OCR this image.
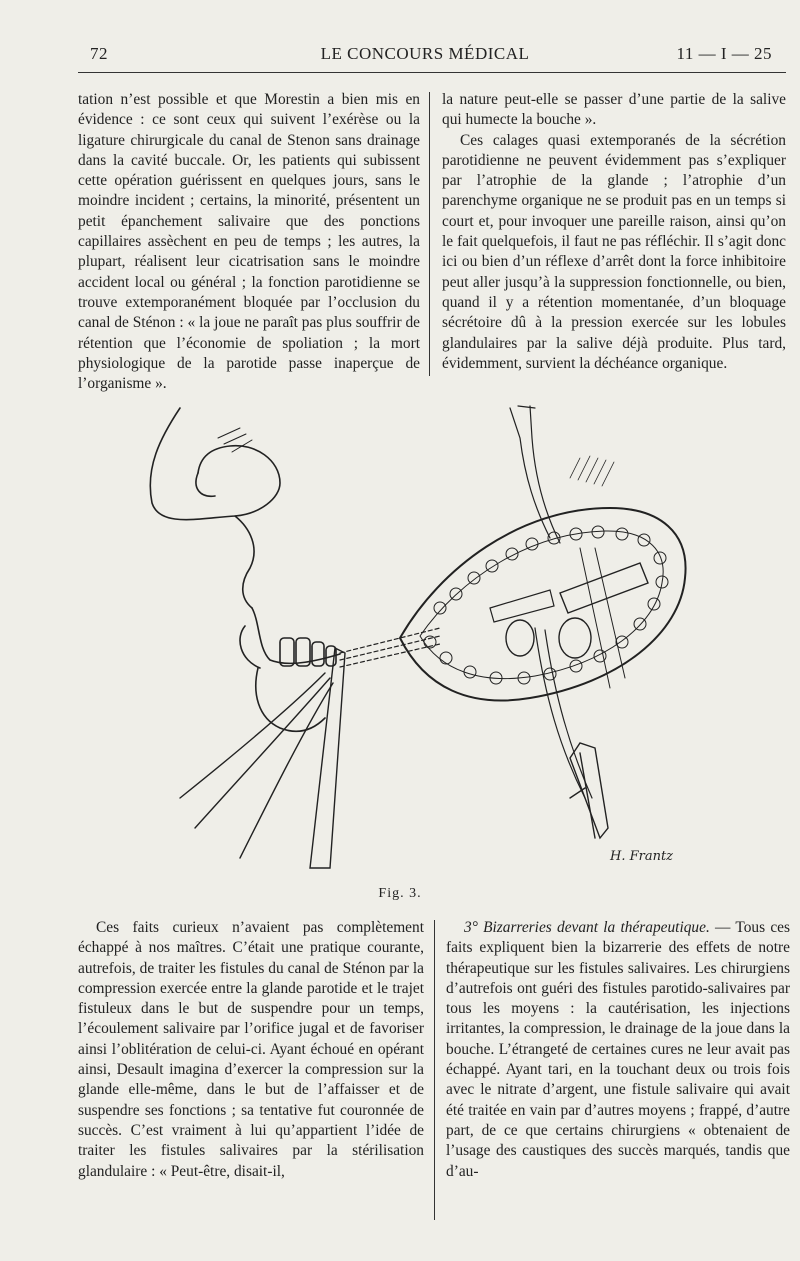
72	LE CONCOURS MÉDICAL	11 — I — 25

tation n’est possible et que Morestin a bien mis en évidence : ce sont ceux qui suivent l’exérèse ou la ligature chirurgicale du canal de Stenon sans drainage dans la cavité buccale. Or, les patients qui subissent cette opération guérissent en quelques jours, sans le moindre incident ; certains, la minorité, présentent un petit épanchement salivaire que des ponctions capillaires assèchent en peu de temps ; les autres, la plupart, réalisent leur cicatrisation sans le moindre accident local ou général ; la fonction parotidienne se trouve extemporanément bloquée par l’occlusion du canal de Sténon : « la joue ne paraît pas plus souffrir de rétention que l’économie de spoliation ; la mort physiologique de la parotide passe inaperçue de l’organisme ».

la nature peut-elle se passer d’une partie de la salive qui humecte la bouche ».

Ces calages quasi extemporanés de la sécrétion parotidienne ne peuvent évidemment pas s’expliquer par l’atrophie de la glande ; l’atrophie d’un parenchyme organique ne se produit pas en un temps si court et, pour invoquer une pareille raison, ainsi qu’on le fait quelquefois, il faut ne pas réfléchir. Il s’agit donc ici ou bien d’un réflexe d’arrêt dont la force inhibitoire peut aller jusqu’à la suppression fonctionnelle, ou bien, quand il y a rétention momentanée, d’un bloquage sécrétoire dû à la pression exercée sur les lobules glandulaires par la salive déjà produite. Plus tard, évidemment, survient la déchéance organique.

H. Frantz
Fig. 3.

Ces faits curieux n’avaient pas complètement échappé à nos maîtres. C’était une pratique courante, autrefois, de traiter les fistules du canal de Sténon par la compression exercée entre la glande parotide et le trajet fistuleux dans le but de suspendre pour un temps, l’écoulement salivaire par l’orifice jugal et de favoriser ainsi l’oblitération de celui-ci. Ayant échoué en opérant ainsi, Desault imagina d’exercer la compression sur la glande elle-même, dans le but de l’affaisser et de suspendre ses fonctions ; sa tentative fut couronnée de succès. C’est vraiment à lui qu’appartient l’idée de traiter les fistules salivaires par la stérilisation glandulaire : « Peut-être, disait-il,

3° Bizarreries devant la thérapeutique. — Tous ces faits expliquent bien la bizarrerie des effets de notre thérapeutique sur les fistules salivaires. Les chirurgiens d’autrefois ont guéri des fistules parotido-salivaires par tous les moyens : la cautérisation, les injections irritantes, la compression, le drainage de la joue dans la bouche. L’étrangeté de certaines cures ne leur avait pas échappé. Ayant tari, en la touchant deux ou trois fois avec le nitrate d’argent, une fistule salivaire qui avait été traitée en vain par d’autres moyens ; frappé, d’autre part, de ce que certains chirurgiens « obtenaient de l’usage des caustiques des succès marqués, tandis que d’au-
